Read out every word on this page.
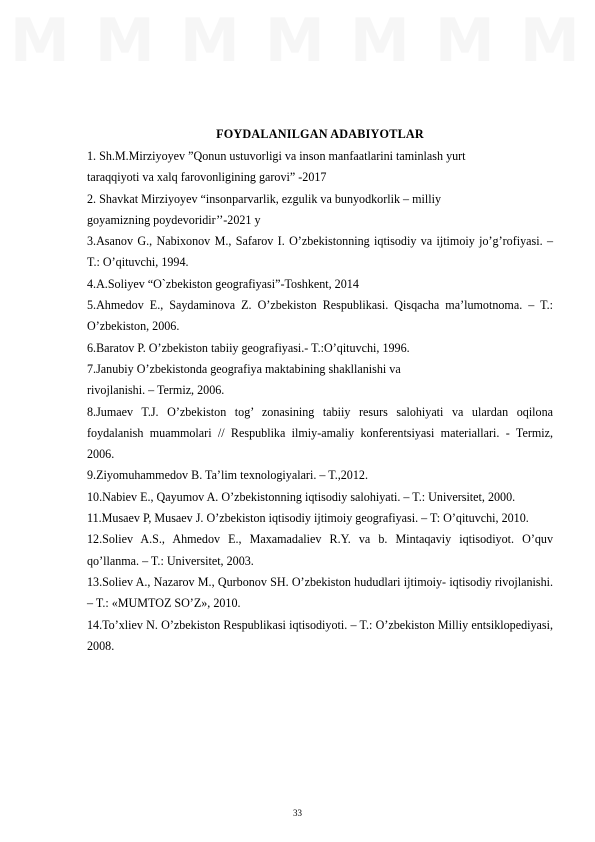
M M M M M M M
FOYDALANILGAN ADABIYOTLAR
1. Sh.M.Mirziyoyev ”Qonun ustuvorligi va inson manfaatlarini taminlash yurt
taraqqiyoti va xalq farovonligining garovi” -2017
2. Shavkat Mirziyoyev “insonparvarlik, ezgulik va bunyodkorlik – milliy
goyamizning poydevoridir’’-2021 y
3.Asanov G., Nabixonov M., Safarov I. O’zbekistonning iqtisodiy va ijtimoiy jo’g’rofiyasi. – T.: O’qituvchi, 1994.
4.A.Soliyev “O`zbekiston geografiyasi”-Toshkent, 2014
5.Ahmedov E., Saydaminova Z. O’zbekiston Respublikasi. Qisqacha ma’lumotnoma. – T.: O’zbekiston, 2006.
6.Baratov P. O’zbekiston tabiiy geografiyasi.- T.:O’qituvchi, 1996.
7.Janubiy O’zbekistonda geografiya maktabining shakllanishi va
rivojlanishi. – Termiz, 2006.
8.Jumaev T.J. O’zbekiston tog’ zonasining tabiiy resurs salohiyati va ulardan oqilona foydalanish muammolari // Respublika ilmiy-amaliy konferentsiyasi materiallari. - Termiz, 2006.
9.Ziyomuhammedov B. Ta’lim texnologiyalari. – T.,2012.
10.Nabiev E., Qayumov A. O’zbekistonning iqtisodiy salohiyati. – T.: Universitet, 2000.
11.Musaev P, Musaev J. O’zbekiston iqtisodiy ijtimoiy geografiyasi. – T: O’qituvchi, 2010.
12.Soliev A.S., Ahmedov E., Maxamadaliev R.Y. va b. Mintaqaviy iqtisodiyot. O’quv qo’llanma. – T.: Universitet, 2003.
13.Soliev A., Nazarov M., Qurbonov SH. O’zbekiston hududlari ijtimoiy- iqtisodiy rivojlanishi. – T.: «MUMTOZ SO’Z», 2010.
14.To’xliev N. O’zbekiston Respublikasi iqtisodiyoti. – T.: O’zbekiston Milliy entsiklopediyasi, 2008.
33
